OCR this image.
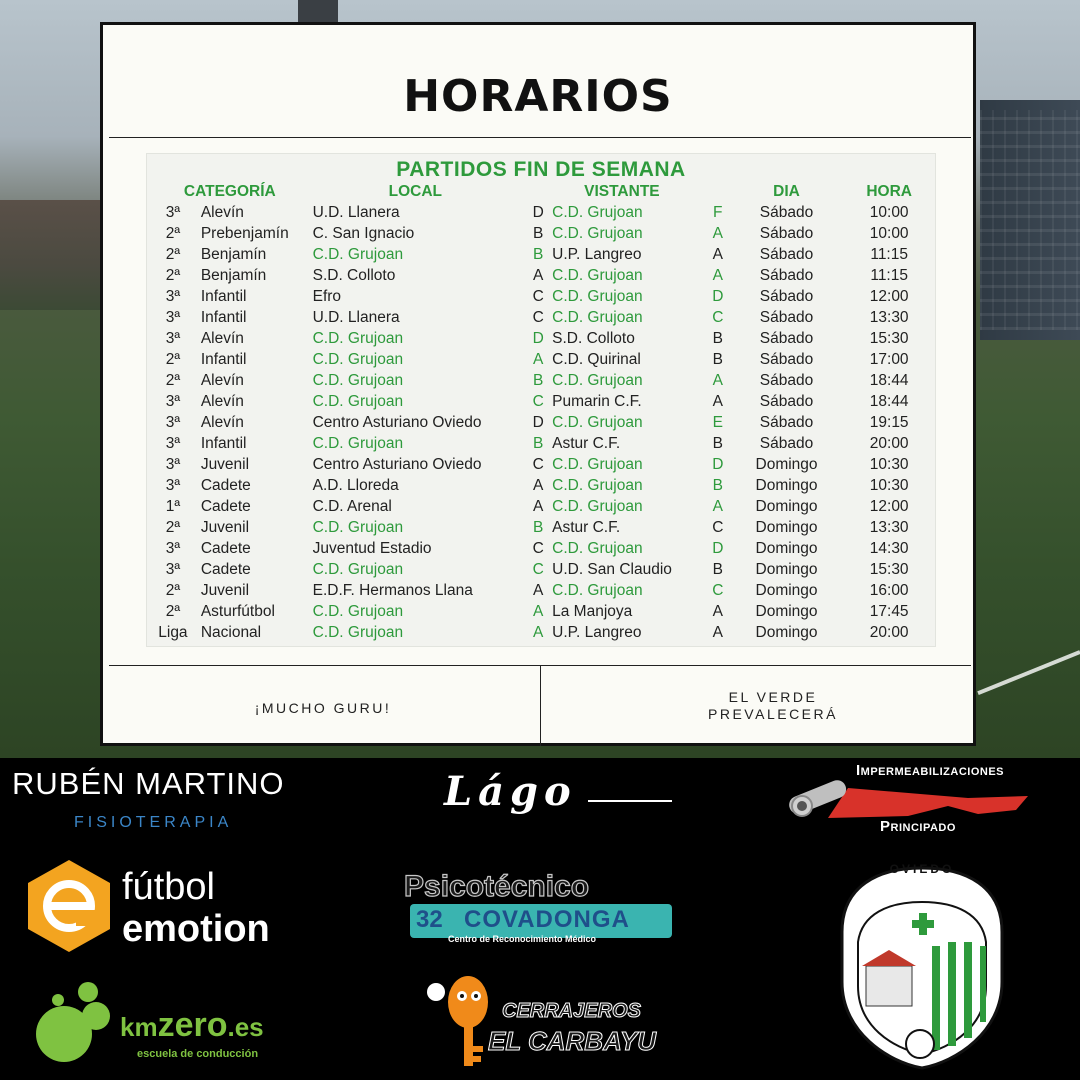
HORARIOS
PARTIDOS FIN DE SEMANA
CATEGORÍA		LOCAL		VISTANTE		DIA	HORA
3ª	Alevín	U.D. Llanera	D	C.D. Grujoan	F	Sábado	10:00
2ª	Prebenjamín	C. San Ignacio	B	C.D. Grujoan	A	Sábado	10:00
2ª	Benjamín	C.D. Grujoan	B	U.P. Langreo	A	Sábado	11:15
2ª	Benjamín	S.D. Colloto	A	C.D. Grujoan	A	Sábado	11:15
3ª	Infantil	Efro	C	C.D. Grujoan	D	Sábado	12:00
3ª	Infantil	U.D. Llanera	C	C.D. Grujoan	C	Sábado	13:30
3ª	Alevín	C.D. Grujoan	D	S.D. Colloto	B	Sábado	15:30
2ª	Infantil	C.D. Grujoan	A	C.D. Quirinal	B	Sábado	17:00
2ª	Alevín	C.D. Grujoan	B	C.D. Grujoan	A	Sábado	18:44
3ª	Alevín	C.D. Grujoan	C	Pumarin C.F.	A	Sábado	18:44
3ª	Alevín	Centro Asturiano Oviedo	D	C.D. Grujoan	E	Sábado	19:15
3ª	Infantil	C.D. Grujoan	B	Astur C.F.	B	Sábado	20:00
3ª	Juvenil	Centro Asturiano Oviedo	C	C.D. Grujoan	D	Domingo	10:30
3ª	Cadete	A.D. Lloreda	A	C.D. Grujoan	B	Domingo	10:30
1ª	Cadete	C.D. Arenal	A	C.D. Grujoan	A	Domingo	12:00
2ª	Juvenil	C.D. Grujoan	B	Astur C.F.	C	Domingo	13:30
3ª	Cadete	Juventud Estadio	C	C.D. Grujoan	D	Domingo	14:30
3ª	Cadete	C.D. Grujoan	C	U.D. San Claudio	B	Domingo	15:30
2ª	Juvenil	E.D.F. Hermanos Llana	A	C.D. Grujoan	C	Domingo	16:00
2ª	Asturfútbol	C.D. Grujoan	A	La Manjoya	A	Domingo	17:45
Liga	Nacional	C.D. Grujoan	A	U.P. Langreo	A	Domingo	20:00
¡MUCHO GURU!
EL VERDE
PREVALECERÁ
RUBÉN MARTINO
FISIOTERAPIA
Lágo	Impermeabilizaciones
Principado
fútbol
emotion
Psicotécnico
32 COVADONGA
Centro de Reconocimiento Médico
kmzero.es
escuela de conducción
CERRAJEROS
EL CARBAYU
OVIEDO
